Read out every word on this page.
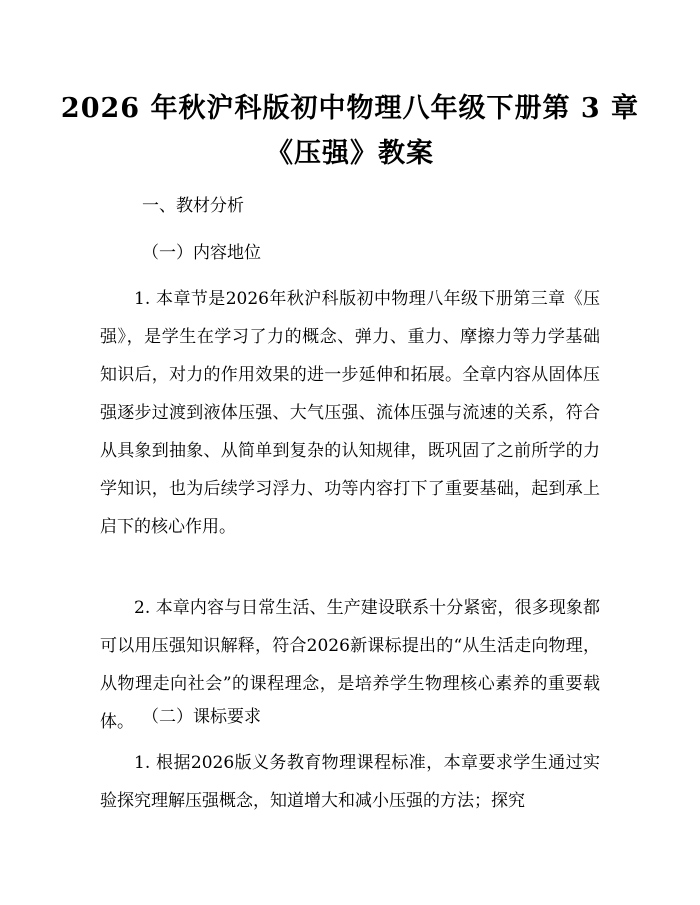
2026 年秋沪科版初中物理八年级下册第 3 章
《压强》教案
一、教材分析
（一）内容地位

1. 本章节是2026年秋沪科版初中物理八年级下册第三章《压强》，是学生在学习了力的概念、弹力、重力、摩擦力等力学基础知识后，对力的作用效果的进一步延伸和拓展。全章内容从固体压强逐步过渡到液体压强、大气压强、流体压强与流速的关系，符合从具象到抽象、从简单到复杂的认知规律，既巩固了之前所学的力学知识，也为后续学习浮力、功等内容打下了重要基础，起到承上启下的核心作用。

2. 本章内容与日常生活、生产建设联系十分紧密，很多现象都可以用压强知识解释，符合2026新课标提出的“从生活走向物理，从物理走向社会”的课程理念，是培养学生物理核心素养的重要载体。 （二）课标要求

1. 根据2026版义务教育物理课程标准，本章要求学生通过实验探究理解压强概念，知道增大和减小压强的方法；探究
